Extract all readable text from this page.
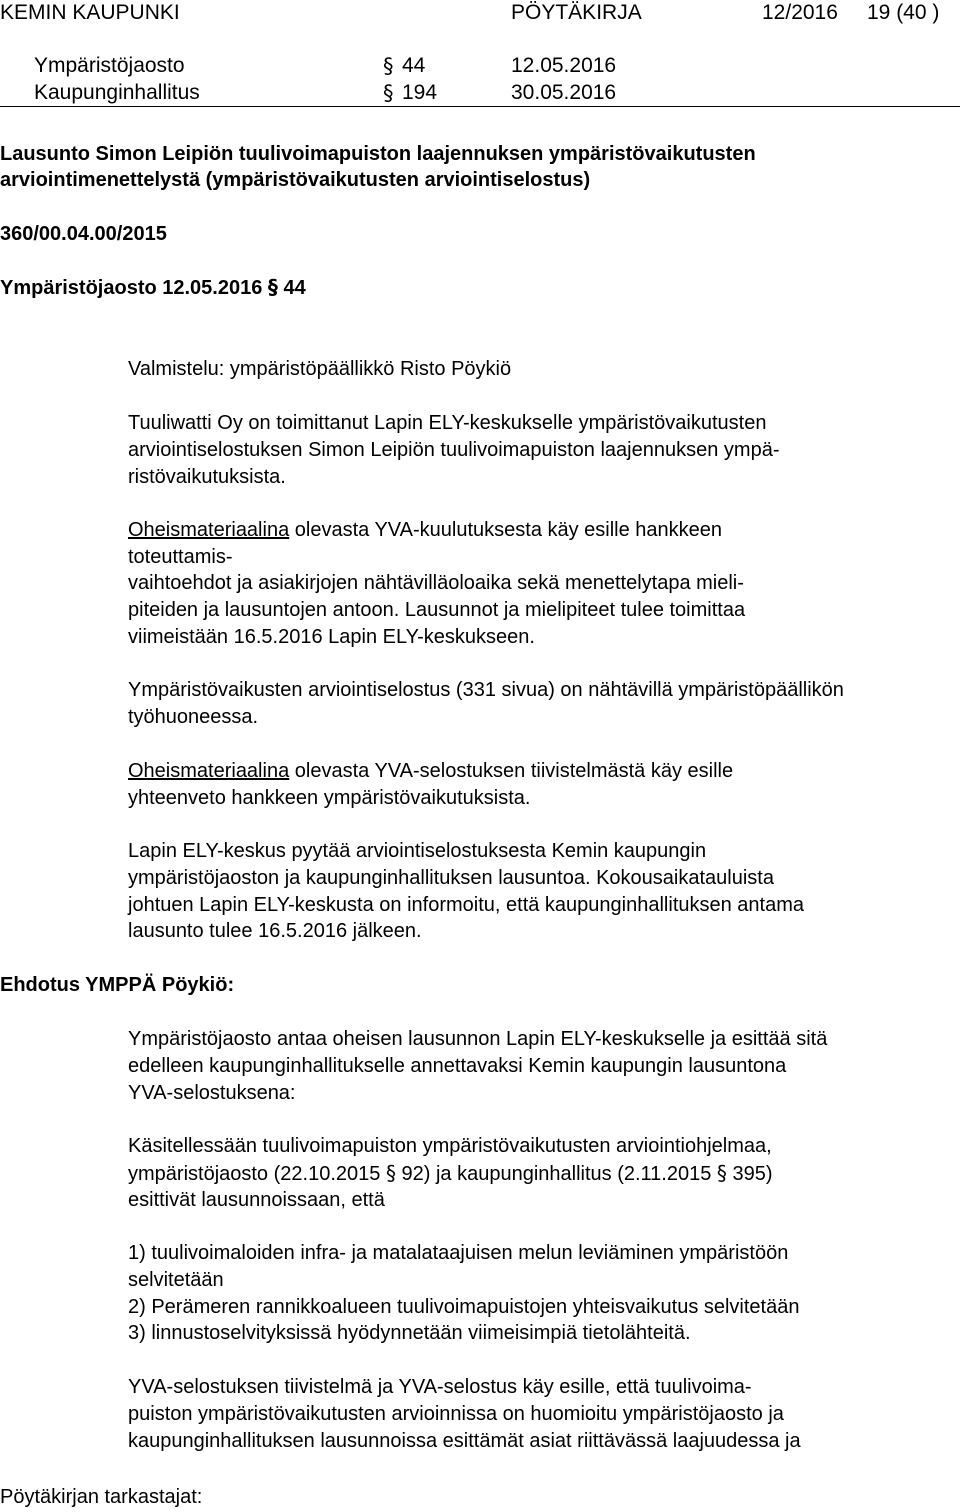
KEMIN KAUPUNKI	PÖYTÄKIRJA	12/2016 19 (40 )
Ympäristöjaosto	§ 44	12.05.2016
Kaupunginhallitus	§ 194	30.05.2016
Lausunto Simon Leipiön tuulivoimapuiston laajennuksen ympäristövaikutusten
arviointimenettelystä (ympäristövaikutusten arviointiselostus)
360/00.04.00/2015
Ympäristöjaosto 12.05.2016 § 44
Valmistelu: ympäristöpäällikkö Risto Pöykiö
Tuuliwatti Oy on toimittanut Lapin ELY-keskukselle ympäristövaikutusten
arviointiselostuksen Simon Leipiön tuulivoimapuiston laajennuksen ympä-
ristövaikutuksista.
Oheismateriaalina olevasta YVA-kuulutuksesta käy esille hankkeen
toteuttamis-
vaihtoehdot ja asiakirjojen nähtävilläoloaika sekä menettelytapa mieli-
piteiden ja lausuntojen antoon. Lausunnot ja mielipiteet tulee toimittaa
viimeistään 16.5.2016 Lapin ELY-keskukseen.
Ympäristövaikusten arviointiselostus (331 sivua) on nähtävillä ympäristöpäällikön
työhuoneessa.
Oheismateriaalina olevasta YVA-selostuksen tiivistelmästä käy esille
yhteenveto hankkeen ympäristövaikutuksista.
Lapin ELY-keskus pyytää arviointiselostuksesta Kemin kaupungin
ympäristöjaoston ja kaupunginhallituksen lausuntoa. Kokousaikatauluista
johtuen Lapin ELY-keskusta on informoitu, että kaupunginhallituksen antama
lausunto tulee 16.5.2016 jälkeen.
Ehdotus YMPPÄ Pöykiö:
Ympäristöjaosto antaa oheisen lausunnon Lapin ELY-keskukselle ja esittää sitä
edelleen kaupunginhallitukselle annettavaksi Kemin kaupungin lausuntona
YVA-selostuksena:
Käsitellessään tuulivoimapuiston ympäristövaikutusten arviointiohjelmaa,
ympäristöjaosto (22.10.2015 § 92) ja kaupunginhallitus (2.11.2015 § 395)
esittivät lausunnoissaan, että
1) tuulivoimaloiden infra- ja matalataajuisen melun leviäminen ympäristöön
selvitetään
2) Perämeren rannikkoalueen tuulivoimapuistojen yhteisvaikutus selvitetään
3) linnustoselvityksissä hyödynnetään viimeisimpiä tietolähteitä.
YVA-selostuksen tiivistelmä ja YVA-selostus käy esille, että tuulivoima-
puiston ympäristövaikutusten arvioinnissa on huomioitu ympäristöjaosto ja
kaupunginhallituksen lausunnoissa esittämät asiat riittävässä laajuudessa ja
Pöytäkirjan tarkastajat:
